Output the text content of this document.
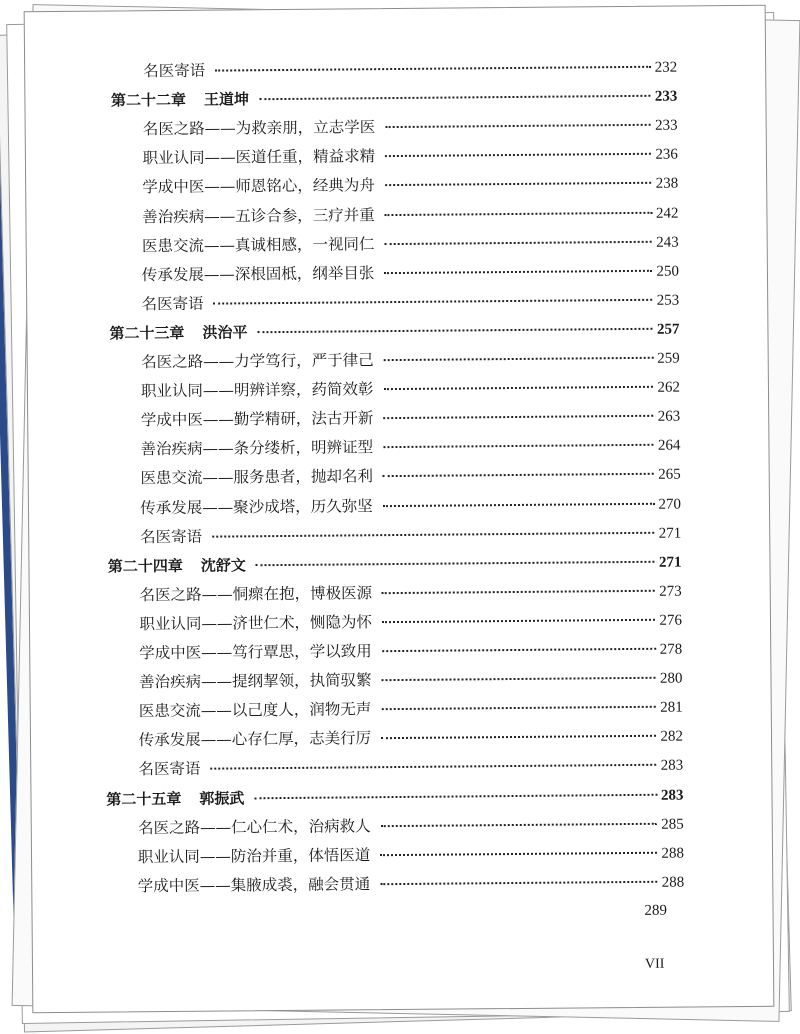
名医寄语	232
第二十二章 王道坤	233
名医之路——为救亲朋，立志学医	233
职业认同——医道任重，精益求精	236
学成中医——师恩铭心，经典为舟	238
善治疾病——五诊合参，三疗并重	242
医患交流——真诚相感，一视同仁	243
传承发展——深根固柢，纲举目张	250
名医寄语	253
第二十三章 洪治平	257
名医之路——力学笃行，严于律己	259
职业认同——明辨详察，药简效彰	262
学成中医——勤学精研，法古开新	263
善治疾病——条分缕析，明辨证型	264
医患交流——服务患者，抛却名利	265
传承发展——聚沙成塔，历久弥坚	270
名医寄语	271
第二十四章 沈舒文	271
名医之路——恫瘝在抱，博极医源	273
职业认同——济世仁术，恻隐为怀	276
学成中医——笃行覃思，学以致用	278
善治疾病——提纲挈领，执简驭繁	280
医患交流——以己度人，润物无声	281
传承发展——心存仁厚，志美行厉	282
名医寄语	283
第二十五章 郭振武	283
名医之路——仁心仁术，治病救人	285
职业认同——防治并重，体悟医道	288
学成中医——集腋成裘，融会贯通	288
289
VII
